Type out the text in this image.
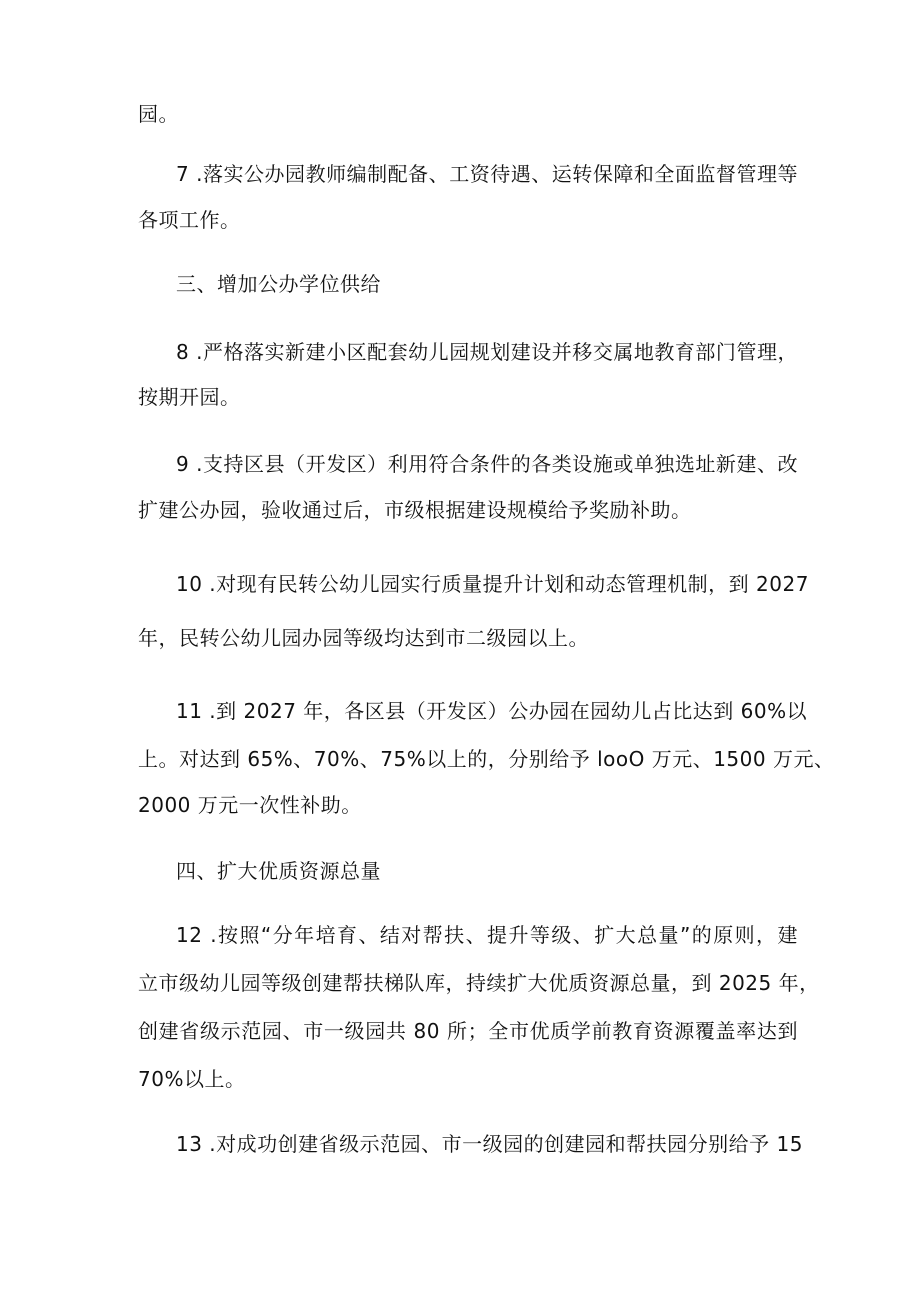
园。
7 .落实公办园教师编制配备、工资待遇、运转保障和全面监督管理等
各项工作。
三、增加公办学位供给
8 .严格落实新建小区配套幼儿园规划建设并移交属地教育部门管理，
按期开园。
9 .支持区县（开发区）利用符合条件的各类设施或单独选址新建、改
扩建公办园，验收通过后，市级根据建设规模给予奖励补助。
10 .对现有民转公幼儿园实行质量提升计划和动态管理机制，到 2027
年，民转公幼儿园办园等级均达到市二级园以上。
11 .到 2027 年，各区县（开发区）公办园在园幼儿占比达到 60%以
上。对达到 65%、70%、75%以上的，分别给予 looO 万元、1500 万元、
2000 万元一次性补助。
四、扩大优质资源总量
12 .按照“分年培育、结对帮扶、提升等级、扩大总量”的原则，建
立市级幼儿园等级创建帮扶梯队库，持续扩大优质资源总量，到 2025 年，
创建省级示范园、市一级园共 80 所；全市优质学前教育资源覆盖率达到
70%以上。
13 .对成功创建省级示范园、市一级园的创建园和帮扶园分别给予 15
